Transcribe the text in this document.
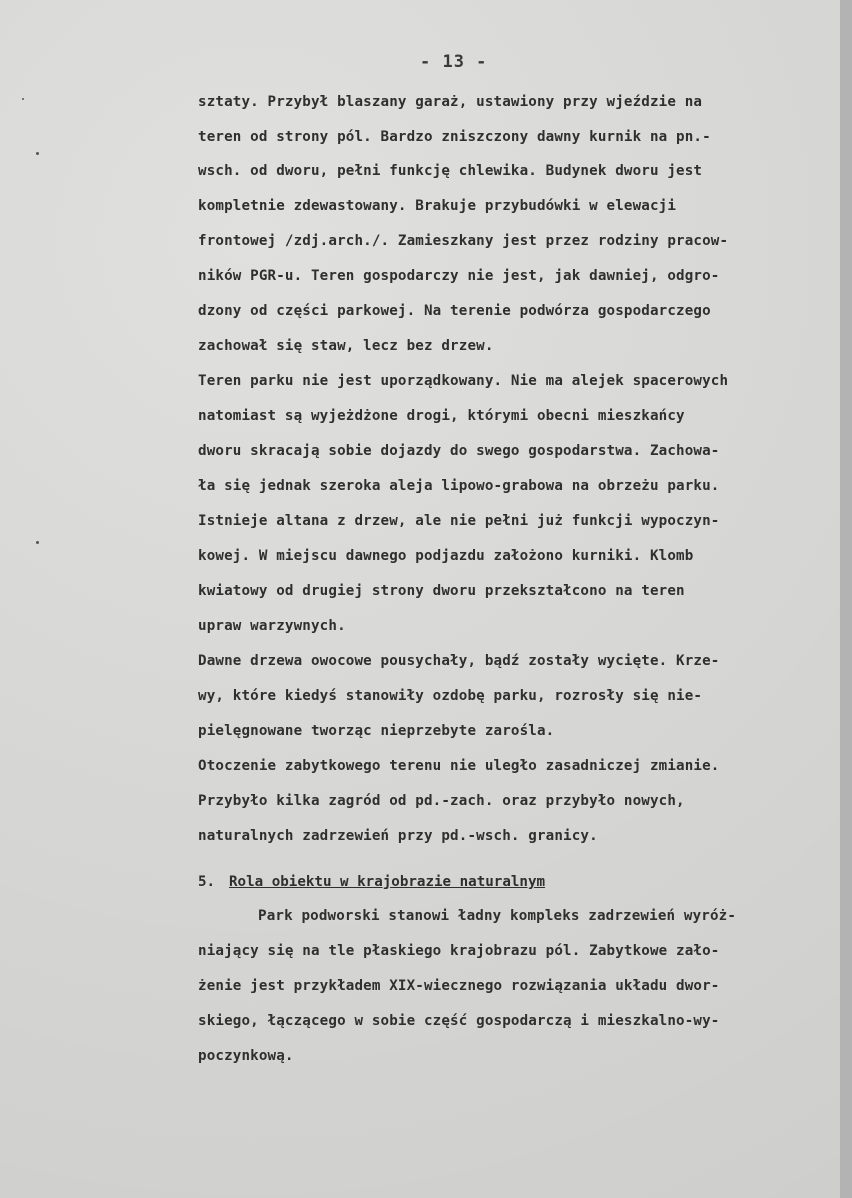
- 13 -
sztaty. Przybył blaszany garaż, ustawiony przy wjeździe na
teren od strony pól. Bardzo zniszczony dawny kurnik na pn.-
wsch. od dworu, pełni funkcję chlewika. Budynek dworu jest
kompletnie zdewastowany. Brakuje przybudówki w elewacji
frontowej /zdj.arch./. Zamieszkany jest przez rodziny pracow-
ników PGR-u. Teren gospodarczy nie jest, jak dawniej, odgro-
dzony od części parkowej. Na terenie podwórza gospodarczego
zachował się staw, lecz bez drzew.
Teren parku nie jest uporządkowany. Nie ma alejek spacerowych
natomiast są wyjeżdżone drogi, którymi obecni mieszkańcy
dworu skracają sobie dojazdy do swego gospodarstwa. Zachowa-
ła się jednak szeroka aleja lipowo-grabowa na obrzeżu parku.
Istnieje altana z drzew, ale nie pełni już funkcji wypoczyn-
kowej. W miejscu dawnego podjazdu założono kurniki. Klomb
kwiatowy od drugiej strony dworu przekształcono na teren
upraw warzywnych.
Dawne drzewa owocowe pousychały, bądź zostały wycięte. Krze-
wy, które kiedyś stanowiły ozdobę parku, rozrosły się nie-
pielęgnowane tworząc nieprzebyte zarośla.
Otoczenie zabytkowego terenu nie uległo zasadniczej zmianie.
Przybyło kilka zagród od pd.-zach. oraz przybyło nowych,
naturalnych zadrzewień przy pd.-wsch. granicy.
5. Rola obiektu w krajobrazie naturalnym
Park podworski stanowi ładny kompleks zadrzewień wyróż-
niający się na tle płaskiego krajobrazu pól. Zabytkowe zało-
żenie jest przykładem XIX-wiecznego rozwiązania układu dwor-
skiego, łączącego w sobie część gospodarczą i mieszkalno-wy-
poczynkową.
